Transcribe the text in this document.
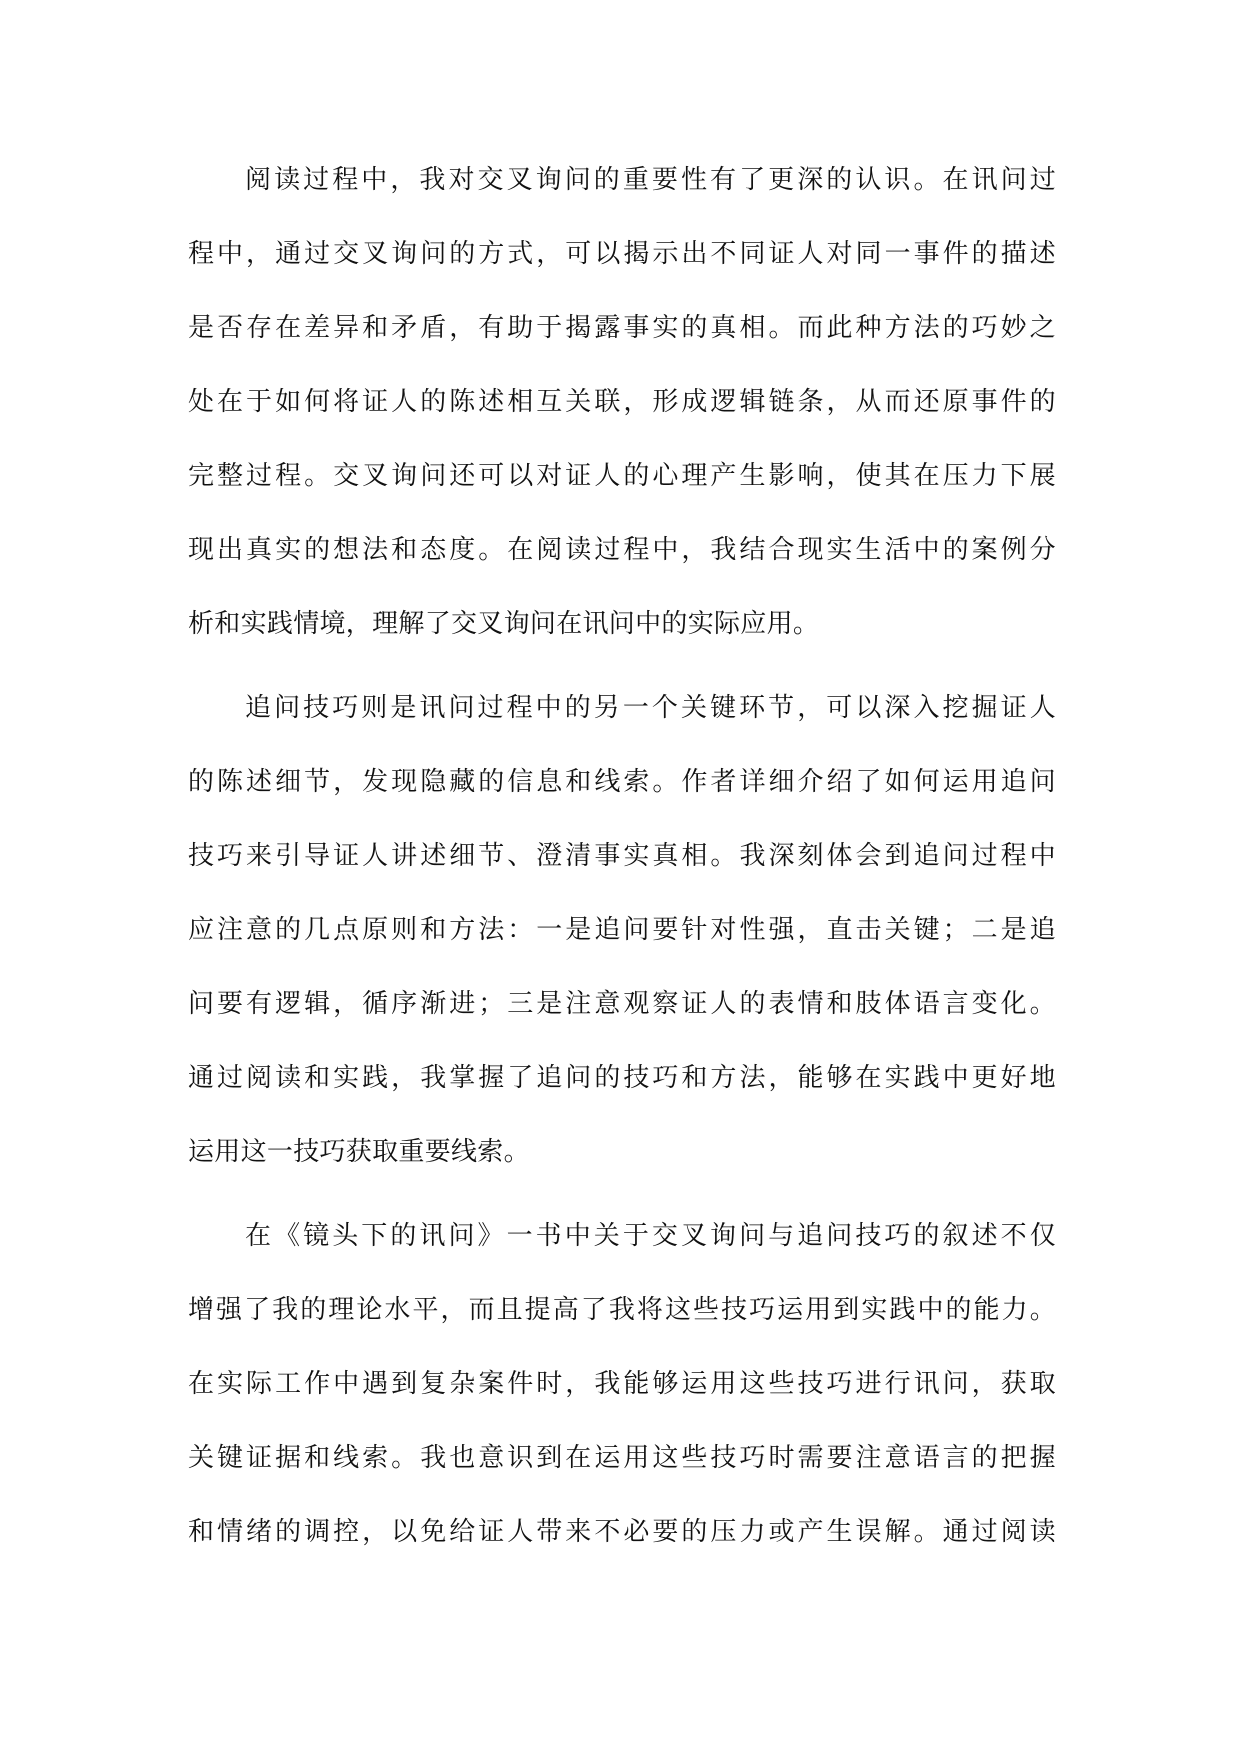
阅读过程中，我对交叉询问的重要性有了更深的认识。在讯问过
程中，通过交叉询问的方式，可以揭示出不同证人对同一事件的描述
是否存在差异和矛盾，有助于揭露事实的真相。而此种方法的巧妙之
处在于如何将证人的陈述相互关联，形成逻辑链条，从而还原事件的
完整过程。交叉询问还可以对证人的心理产生影响，使其在压力下展
现出真实的想法和态度。在阅读过程中，我结合现实生活中的案例分
析和实践情境，理解了交叉询问在讯问中的实际应用。

追问技巧则是讯问过程中的另一个关键环节，可以深入挖掘证人
的陈述细节，发现隐藏的信息和线索。作者详细介绍了如何运用追问
技巧来引导证人讲述细节、澄清事实真相。我深刻体会到追问过程中
应注意的几点原则和方法：一是追问要针对性强，直击关键；二是追
问要有逻辑，循序渐进；三是注意观察证人的表情和肢体语言变化。
通过阅读和实践，我掌握了追问的技巧和方法，能够在实践中更好地
运用这一技巧获取重要线索。

在《镜头下的讯问》一书中关于交叉询问与追问技巧的叙述不仅
增强了我的理论水平，而且提高了我将这些技巧运用到实践中的能力。
在实际工作中遇到复杂案件时，我能够运用这些技巧进行讯问，获取
关键证据和线索。我也意识到在运用这些技巧时需要注意语言的把握
和情绪的调控，以免给证人带来不必要的压力或产生误解。通过阅读
